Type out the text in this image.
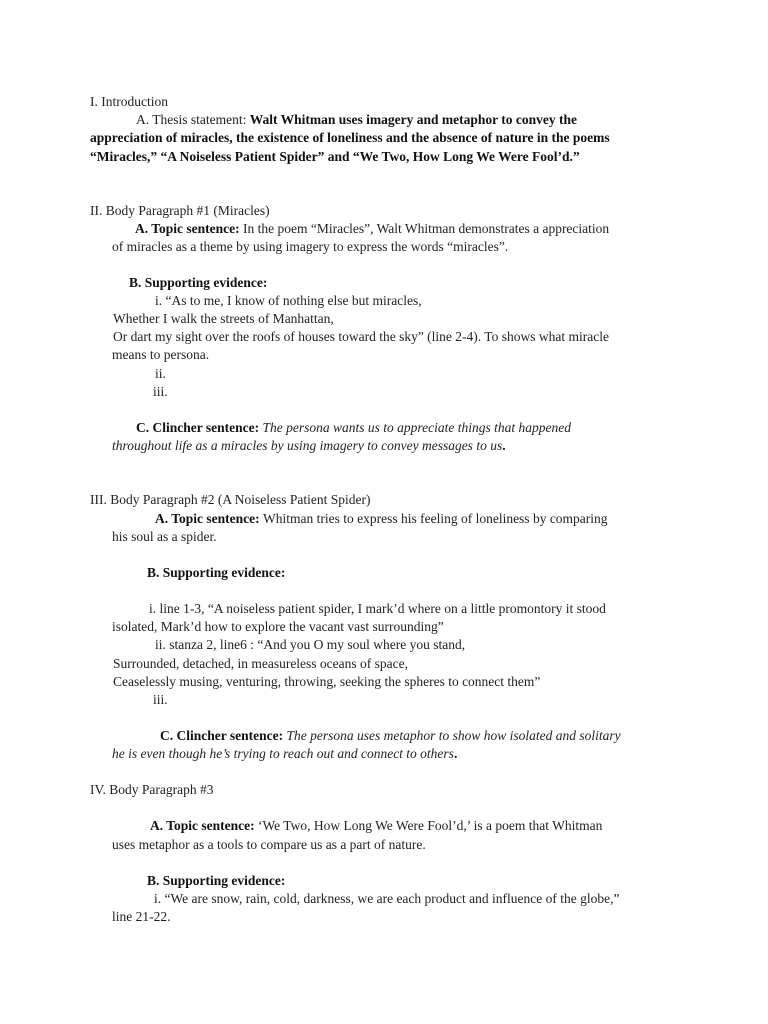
I. Introduction
A. Thesis statement: Walt Whitman uses imagery and metaphor to convey the
appreciation of miracles, the existence of loneliness and the absence of nature in the poems
“Miracles,” “A Noiseless Patient Spider” and “We Two, How Long We Were Fool’d.”
II. Body Paragraph #1 (Miracles)
A. Topic sentence: In the poem “Miracles”, Walt Whitman demonstrates a appreciation
of miracles as a theme by using imagery to express the words “miracles”.
B. Supporting evidence:
i. “As to me, I know of nothing else but miracles,
Whether I walk the streets of Manhattan,
Or dart my sight over the roofs of houses toward the sky” (line 2-4). To shows what miracle
means to persona.
ii.
iii.
C. Clincher sentence: The persona wants us to appreciate things that happened
throughout life as a miracles by using imagery to convey messages to us.
III. Body Paragraph #2 (A Noiseless Patient Spider)
A. Topic sentence: Whitman tries to express his feeling of loneliness by comparing
his soul as a spider.
B. Supporting evidence:
i. line 1-3, “A noiseless patient spider, I mark’d where on a little promontory it stood
isolated, Mark’d how to explore the vacant vast surrounding”
ii. stanza 2, line6 : “And you O my soul where you stand,
Surrounded, detached, in measureless oceans of space,
Ceaselessly musing, venturing, throwing, seeking the spheres to connect them”
iii.
C. Clincher sentence: The persona uses metaphor to show how isolated and solitary
he is even though he’s trying to reach out and connect to others.
IV. Body Paragraph #3
A. Topic sentence: ‘We Two, How Long We Were Fool’d,’ is a poem that Whitman
uses metaphor as a tools to compare us as a part of nature.
B. Supporting evidence:
i. “We are snow, rain, cold, darkness, we are each product and influence of the globe,”
line 21-22.
